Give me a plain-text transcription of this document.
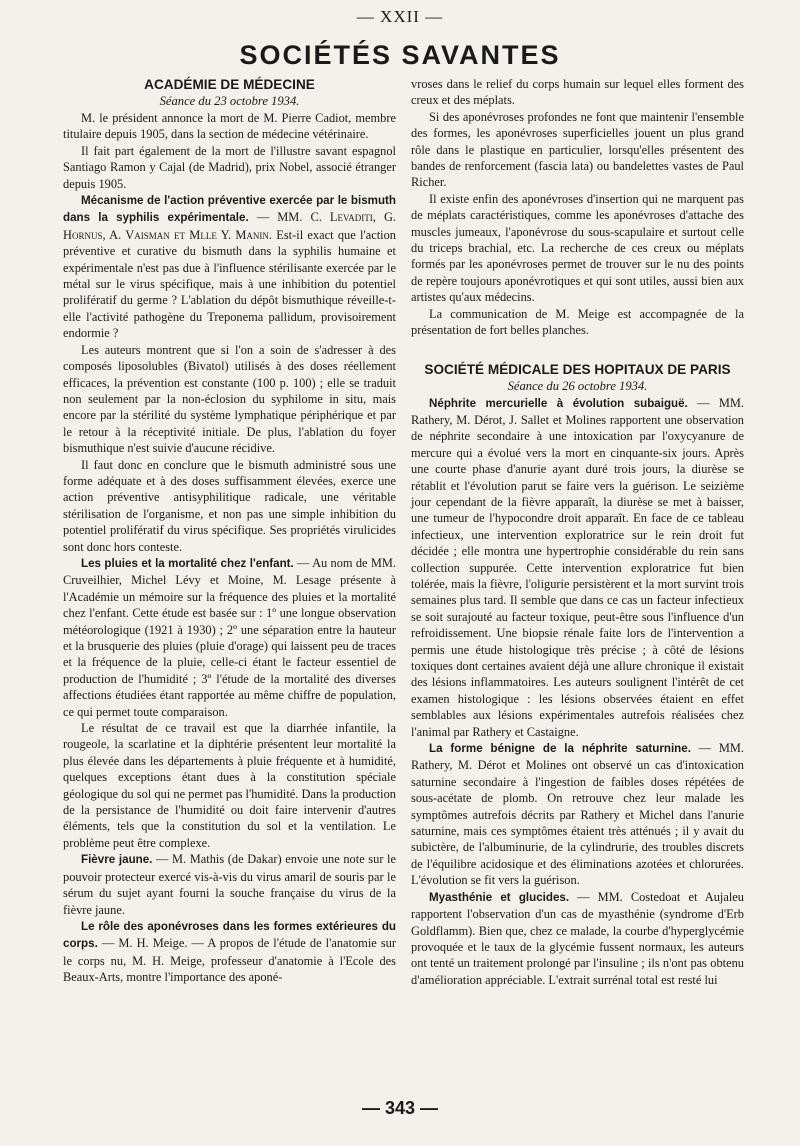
— XXII —
SOCIÉTÉS SAVANTES

ACADÉMIE DE MÉDECINE

Séance du 23 octobre 1934.

M. le président annonce la mort de M. Pierre Cadiot, membre titulaire depuis 1905, dans la section de médecine vétérinaire.

Il fait part également de la mort de l'illustre savant espagnol Santiago Ramon y Cajal (de Madrid), prix Nobel, associé étranger depuis 1905.

Mécanisme de l'action préventive exercée par le bismuth dans la syphilis expérimentale. — MM. C. Levaditi, G. Hornus, A. Vaisman et Mlle Y. Manin. Est-il exact que l'action préventive et curative du bismuth dans la syphilis humaine et expérimentale n'est pas due à l'influence stérilisante exercée par le métal sur le virus spécifique, mais à une inhibition du potentiel prolifératif du germe ? L'ablation du dépôt bismuthique réveille-t-elle l'activité pathogène du Treponema pallidum, provisoirement endormie ?

Les auteurs montrent que si l'on a soin de s'adresser à des composés liposolubles (Bivatol) utilisés à des doses réellement efficaces, la prévention est constante (100 p. 100) ; elle se traduit non seulement par la non-éclosion du syphilome in situ, mais encore par la stérilité du système lymphatique périphérique et par le retour à la réceptivité initiale. De plus, l'ablation du foyer bismuthique n'est suivie d'aucune récidive.

Il faut donc en conclure que le bismuth administré sous une forme adéquate et à des doses suffisamment élevées, exerce une action préventive antisyphilitique radicale, une véritable stérilisation de l'organisme, et non pas une simple inhibition du potentiel prolifératif du virus spécifique. Ses propriétés virulicides sont donc hors conteste.

Les pluies et la mortalité chez l'enfant. — Au nom de MM. Cruveilhier, Michel Lévy et Moine, M. Lesage présente à l'Académie un mémoire sur la fréquence des pluies et la mortalité chez l'enfant. Cette étude est basée sur : 1º une longue observation météorologique (1921 à 1930) ; 2º une séparation entre la hauteur et la brusquerie des pluies (pluie d'orage) qui laissent peu de traces et la fréquence de la pluie, celle-ci étant le facteur essentiel de production de l'humidité ; 3º l'étude de la mortalité des diverses affections étudiées étant rapportée au même chiffre de population, ce qui permet toute comparaison.

Le résultat de ce travail est que la diarrhée infantile, la rougeole, la scarlatine et la diphtérie présentent leur mortalité la plus élevée dans les départements à pluie fréquente et à humidité, quelques exceptions étant dues à la constitution spéciale géologique du sol qui ne permet pas l'humidité. Dans la production de la persistance de l'humidité ou doit faire intervenir d'autres éléments, tels que la constitution du sol et la ventilation. Le problème peut être complexe.

Fièvre jaune. — M. Mathis (de Dakar) envoie une note sur le pouvoir protecteur exercé vis-à-vis du virus amaril de souris par le sérum du sujet ayant fourni la souche française du virus de la fièvre jaune.

Le rôle des aponévroses dans les formes extérieures du corps. — M. H. Meige. — A propos de l'étude de l'anatomie sur le corps nu, M. H. Meige, professeur d'anatomie à l'Ecole des Beaux-Arts, montre l'importance des aponé-

vroses dans le relief du corps humain sur lequel elles forment des creux et des méplats.

Si des aponévroses profondes ne font que maintenir l'ensemble des formes, les aponévroses superficielles jouent un plus grand rôle dans le plastique en particulier, lorsqu'elles présentent des bandes de renforcement (fascia lata) ou bandelettes vastes de Paul Richer.

Il existe enfin des aponévroses d'insertion qui ne marquent pas de méplats caractéristiques, comme les aponévroses d'attache des muscles jumeaux, l'aponévrose du sous-scapulaire et surtout celle du triceps brachial, etc. La recherche de ces creux ou méplats formés par les aponévroses permet de trouver sur le nu des points de repère toujours aponévrotiques et qui sont utiles, aussi bien aux artistes qu'aux médecins.

La communication de M. Meige est accompagnée de la présentation de fort belles planches.

SOCIÉTÉ MÉDICALE DES HOPITAUX DE PARIS

Séance du 26 octobre 1934.

Néphrite mercurielle à évolution subaiguë. — MM. Rathery, M. Dérot, J. Sallet et Molines rapportent une observation de néphrite secondaire à une intoxication par l'oxycyanure de mercure qui a évolué vers la mort en cinquante-six jours. Après une courte phase d'anurie ayant duré trois jours, la diurèse se rétablit et l'évolution parut se faire vers la guérison. Le seizième jour cependant de la fièvre apparaît, la diurèse se met à baisser, une tumeur de l'hypocondre droit apparaît. En face de ce tableau infectieux, une intervention exploratrice sur le rein droit fut décidée ; elle montra une hypertrophie considérable du rein sans collection suppurée. Cette intervention exploratrice fut bien tolérée, mais la fièvre, l'oligurie persistèrent et la mort survint trois semaines plus tard. Il semble que dans ce cas un facteur infectieux se soit surajouté au facteur toxique, peut-être sous l'influence d'un refroidissement. Une biopsie rénale faite lors de l'intervention a permis une étude histologique très précise ; à côté de lésions toxiques dont certaines avaient déjà une allure chronique il existait des lésions inflammatoires. Les auteurs soulignent l'intérêt de cet examen histologique : les lésions observées étaient en effet semblables aux lésions expérimentales autrefois réalisées chez l'animal par Rathery et Castaigne.

La forme bénigne de la néphrite saturnine. — MM. Rathery, M. Dérot et Molines ont observé un cas d'intoxication saturnine secondaire à l'ingestion de faibles doses répétées de sous-acétate de plomb. On retrouve chez leur malade les symptômes autrefois décrits par Rathery et Michel dans l'anurie saturnine, mais ces symptômes étaient très atténués ; il y avait du subictère, de l'albuminurie, de la cylindrurie, des troubles discrets de l'équilibre acidosique et des éliminations azotées et chlorurées. L'évolution se fit vers la guérison.

Myasthénie et glucides. — MM. Costedoat et Aujaleu rapportent l'observation d'un cas de myasthénie (syndrome d'Erb Goldflamm). Bien que, chez ce malade, la courbe d'hyperglycémie provoquée et le taux de la glycémie fussent normaux, les auteurs ont tenté un traitement prolongé par l'insuline ; ils n'ont pas obtenu d'amélioration appréciable. L'extrait surrénal total est resté lui

— 343 —
